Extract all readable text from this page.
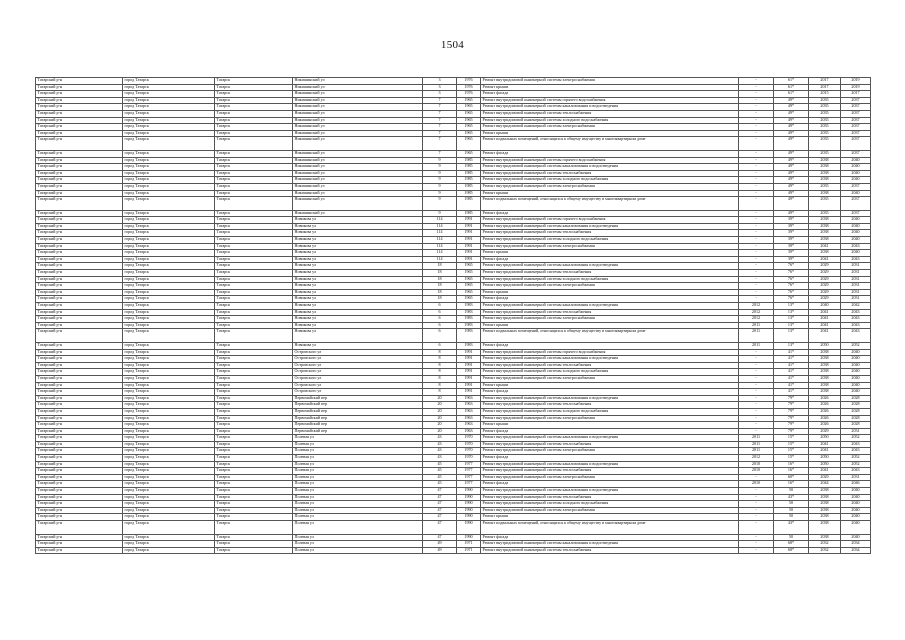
1504
Татарский р-н	город Татарск	Татарск	Никишинский ул	3	1976	Ремонт внутридомовой инженерной системы электроснабжения	-	61*	2017	2019
Татарский р-н	город Татарск	Татарск	Никишинский ул	3	1976	Ремонт крыши	-	61*	2017	2019
Татарский р-н	город Татарск	Татарск	Никишинский ул	3	1976	Ремонт фасада	-	61*	2015	2017
Татарский р-н	город Татарск	Татарск	Никишинский ул	7	1965	Ремонт внутридомовой инженерной системы горячего водоснабжения	-	49*	2035	2037
Татарский р-н	город Татарск	Татарск	Никишинский ул	7	1965	Ремонт внутридомовой инженерной системы канализования и водоотведения	-	49*	2035	2037
Татарский р-н	город Татарск	Татарск	Никишинский ул	7	1965	Ремонт внутридомовой инженерной системы теплоснабжения	-	49*	2035	2037
Татарский р-н	город Татарск	Татарск	Никишинский ул	7	1965	Ремонт внутридомовой инженерной системы холодного водоснабжения	-	49*	2035	2037
Татарский р-н	город Татарск	Татарск	Никишинский ул	7	1965	Ремонт внутридомовой инженерной системы электроснабжения	-	49*	2035	2037
Татарский р-н	город Татарск	Татарск	Никишинский ул	7	1965	Ремонт крыши	-	49*	2035	2037
Татарский р-н	город Татарск	Татарск	Никишинский ул	7	1965	Ремонт подвальных помещений, относящихся к общему имуществу в многоквартирном доме	-	49*	2035	2037
Татарский р-н	город Татарск	Татарск	Никишинский ул	7	1965	Ремонт фасада	-	49*	2035	2037
Татарский р-н	город Татарск	Татарск	Никишинский ул	9	1985	Ремонт внутридомовой инженерной системы горячего водоснабжения	-	49*	2038	2040
Татарский р-н	город Татарск	Татарск	Никишинский ул	9	1985	Ремонт внутридомовой инженерной системы канализования и водоотведения	-	49*	2038	2040
Татарский р-н	город Татарск	Татарск	Никишинский ул	9	1985	Ремонт внутридомовой инженерной системы теплоснабжения	-	49*	2038	2040
Татарский р-н	город Татарск	Татарск	Никишинский ул	9	1985	Ремонт внутридомовой инженерной системы холодного водоснабжения	-	49*	2038	2040
Татарский р-н	город Татарск	Татарск	Никишинский ул	9	1985	Ремонт внутридомовой инженерной системы электроснабжения	-	49*	2035	2037
Татарский р-н	город Татарск	Татарск	Никишинский ул	9	1985	Ремонт крыши	-	49*	2038	2040
Татарский р-н	город Татарск	Татарск	Никишинский ул	9	1985	Ремонт подвальных помещений, относящихся к общему имуществу в многоквартирном доме	-	49*	2035	2037
Татарский р-н	город Татарск	Татарск	Никишинский ул	9	1985	Ремонт фасада	-	49*	2035	2037
Татарский р-н	город Татарск	Татарск	Новикова ул	114	1991	Ремонт внутридомовой инженерной системы горячего водоснабжения	-	39*	2038	2040
Татарский р-н	город Татарск	Татарск	Новикова ул	114	1991	Ремонт внутридомовой инженерной системы канализования и водоотведения	-	39*	2038	2040
Татарский р-н	город Татарск	Татарск	Новикова ул	114	1991	Ремонт внутридомовой инженерной системы теплоснабжения	-	39*	2038	2040
Татарский р-н	город Татарск	Татарск	Новикова ул	114	1991	Ремонт внутридомовой инженерной системы холодного водоснабжения	-	39*	2038	2040
Татарский р-н	город Татарск	Татарск	Новикова ул	114	1991	Ремонт внутридомовой инженерной системы электроснабжения	-	39*	2041	2043
Татарский р-н	город Татарск	Татарск	Новикова ул	114	1991	Ремонт крыши	-	39*	2038	2040
Татарский р-н	город Татарск	Татарск	Новикова ул	114	1991	Ремонт фасада	-	39*	2041	2043
Татарский р-н	город Татарск	Татарск	Новикова ул	18	1965	Ремонт внутридомовой инженерной системы канализования и водоотведения	-	76*	2029	2031
Татарский р-н	город Татарск	Татарск	Новикова ул	18	1965	Ремонт внутридомовой инженерной системы теплоснабжения	-	76*	2029	2031
Татарский р-н	город Татарск	Татарск	Новикова ул	18	1965	Ремонт внутридомовой инженерной системы холодного водоснабжения	-	76*	2029	2031
Татарский р-н	город Татарск	Татарск	Новикова ул	18	1965	Ремонт внутридомовой инженерной системы электроснабжения	-	76*	2029	2031
Татарский р-н	город Татарск	Татарск	Новикова ул	18	1965	Ремонт крыши	-	76*	2029	2031
Татарский р-н	город Татарск	Татарск	Новикова ул	18	1965	Ремонт фасада	-	76*	2029	2031
Татарский р-н	город Татарск	Татарск	Новикова ул	6	1983	Ремонт внутридомовой инженерной системы канализования и водоотведения	2012	13*	2040	2042
Татарский р-н	город Татарск	Татарск	Новикова ул	6	1983	Ремонт внутридомовой инженерной системы теплоснабжения	2012	13*	2041	2043
Татарский р-н	город Татарск	Татарск	Новикова ул	6	1983	Ремонт внутридомовой инженерной системы электроснабжения	2012	13*	2041	2043
Татарский р-н	город Татарск	Татарск	Новикова ул	6	1983	Ремонт крыши	2011	13*	2041	2043
Татарский р-н	город Татарск	Татарск	Новикова ул	6	1983	Ремонт подвальных помещений, относящихся к общему имуществу в многоквартирном доме	2011	13*	2041	2043
Татарский р-н	город Татарск	Татарск	Новикова ул	6	1983	Ремонт фасада	2011	13*	2050	2052
Татарский р-н	город Татарск	Татарск	Островского ул	8	1991	Ремонт внутридомовой инженерной системы горячего водоснабжения	-	41*	2038	2040
Татарский р-н	город Татарск	Татарск	Островского ул	8	1991	Ремонт внутридомовой инженерной системы канализования и водоотведения	-	41*	2038	2040
Татарский р-н	город Татарск	Татарск	Островского ул	8	1991	Ремонт внутридомовой инженерной системы теплоснабжения	-	41*	2038	2040
Татарский р-н	город Татарск	Татарск	Островского ул	8	1991	Ремонт внутридомовой инженерной системы холодного водоснабжения	-	41*	2038	2040
Татарский р-н	город Татарск	Татарск	Островского ул	8	1991	Ремонт внутридомовой инженерной системы электроснабжения	-	41*	2038	2040
Татарский р-н	город Татарск	Татарск	Островского ул	8	1991	Ремонт крыши	-	41*	2038	2040
Татарский р-н	город Татарск	Татарск	Островского ул	8	1991	Ремонт фасада	-	41*	2038	2040
Татарский р-н	город Татарск	Татарск	Первомайский пер	20	1963	Ремонт внутридомовой инженерной системы канализования и водоотведения	-	79*	2026	2028
Татарский р-н	город Татарск	Татарск	Первомайский пер	20	1963	Ремонт внутридомовой инженерной системы теплоснабжения	-	79*	2026	2028
Татарский р-н	город Татарск	Татарск	Первомайский пер	20	1963	Ремонт внутридомовой инженерной системы холодного водоснабжения	-	79*	2026	2028
Татарский р-н	город Татарск	Татарск	Первомайский пер	20	1963	Ремонт внутридомовой инженерной системы электроснабжения	-	79*	2026	2028
Татарский р-н	город Татарск	Татарск	Первомайский пер	20	1963	Ремонт крыши	-	79*	2026	2028
Татарский р-н	город Татарск	Татарск	Первомайский пер	20	1963	Ремонт фасада	-	79*	2029	2031
Татарский р-н	город Татарск	Татарск	Полевая ул	43	1970	Ремонт внутридомовой инженерной системы канализования и водоотведения	2011	15*	2050	2052
Татарский р-н	город Татарск	Татарск	Полевая ул	43	1970	Ремонт внутридомовой инженерной системы теплоснабжения	2011	15*	2041	2043
Татарский р-н	город Татарск	Татарск	Полевая ул	43	1970	Ремонт внутридомовой инженерной системы электроснабжения	2011	15*	2041	2043
Татарский р-н	город Татарск	Татарск	Полевая ул	43	1970	Ремонт фасада	2012	15*	2050	2052
Татарский р-н	город Татарск	Татарск	Полевая ул	45	1977	Ремонт внутридомовой инженерной системы канализования и водоотведения	2010	16*	2050	2052
Татарский р-н	город Татарск	Татарск	Полевая ул	45	1977	Ремонт внутридомовой инженерной системы теплоснабжения	2010	16*	2041	2043
Татарский р-н	город Татарск	Татарск	Полевая ул	45	1977	Ремонт внутридомовой инженерной системы электроснабжения	-	60*	2029	2031
Татарский р-н	город Татарск	Татарск	Полевая ул	45	1977	Ремонт фасада	2010	16*	2044	2046
Татарский р-н	город Татарск	Татарск	Полевая ул	47	1990	Ремонт внутридомовой инженерной системы канализования и водоотведения	-	50	2038	2040
Татарский р-н	город Татарск	Татарск	Полевая ул	47	1990	Ремонт внутридомовой инженерной системы теплоснабжения	-	43*	2038	2040
Татарский р-н	город Татарск	Татарск	Полевая ул	47	1990	Ремонт внутридомовой инженерной системы холодного водоснабжения	-	50	2038	2040
Татарский р-н	город Татарск	Татарск	Полевая ул	47	1990	Ремонт внутридомовой инженерной системы электроснабжения	-	50	2038	2040
Татарский р-н	город Татарск	Татарск	Полевая ул	47	1990	Ремонт крыши	-	50	2038	2040
Татарский р-н	город Татарск	Татарск	Полевая ул	47	1990	Ремонт подвальных помещений, относящихся к общему имуществу в многоквартирном доме	-	43*	2038	2040
Татарский р-н	город Татарск	Татарск	Полевая ул	47	1990	Ремонт фасада	-	50	2038	2040
Татарский р-н	город Татарск	Татарск	Полевая ул	49	1971	Ремонт внутридомовой инженерной системы канализования и водоотведения	-	68*	2032	2034
Татарский р-н	город Татарск	Татарск	Полевая ул	49	1971	Ремонт внутридомовой инженерной системы теплоснабжения	-	68*	2032	2034
